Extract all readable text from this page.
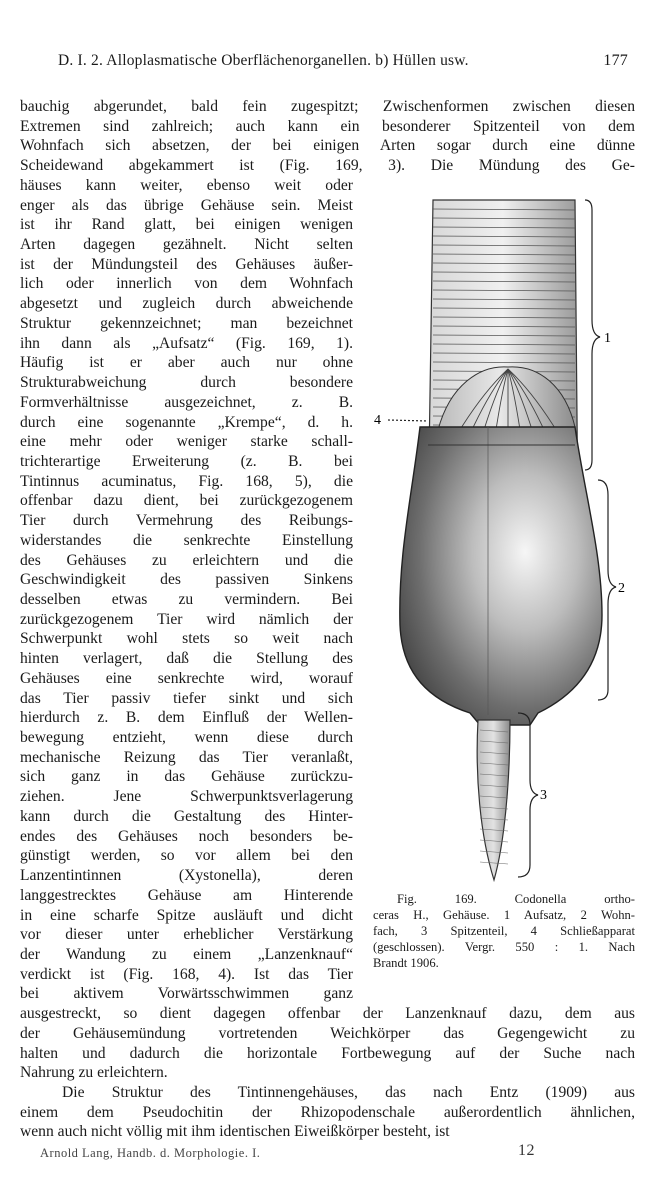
D. I. 2. Alloplasmatische Oberflächenorganellen. b) Hüllen usw.	177
bauchig abgerundet, bald fein zugespitzt; Zwischenformen zwischen diesen
Extremen sind zahlreich; auch kann ein besonderer Spitzenteil von dem
Wohnfach sich absetzen, der bei einigen Arten sogar durch eine dünne
Scheidewand abgekammert ist (Fig. 169, 3). Die Mündung des Ge-
häuses kann weiter, ebenso weit oder
enger als das übrige Gehäuse sein. Meist
ist ihr Rand glatt, bei einigen wenigen
Arten dagegen gezähnelt. Nicht selten
ist der Mündungsteil des Gehäuses äußer-
lich oder innerlich von dem Wohnfach
abgesetzt und zugleich durch abweichende
Struktur gekennzeichnet; man bezeichnet
ihn dann als „Aufsatz“ (Fig. 169, 1).
Häufig ist er aber auch nur ohne
Strukturabweichung durch besondere
Formverhältnisse ausgezeichnet, z. B.
durch eine sogenannte „Krempe“, d. h.
eine mehr oder weniger starke schall-
trichterartige Erweiterung (z. B. bei
Tintinnus acuminatus, Fig. 168, 5), die
offenbar dazu dient, bei zurückgezogenem
Tier durch Vermehrung des Reibungs-
widerstandes die senkrechte Einstellung
des Gehäuses zu erleichtern und die
Geschwindigkeit des passiven Sinkens
desselben etwas zu vermindern. Bei
zurückgezogenem Tier wird nämlich der
Schwerpunkt wohl stets so weit nach
hinten verlagert, daß die Stellung des
Gehäuses eine senkrechte wird, worauf
das Tier passiv tiefer sinkt und sich
hierdurch z. B. dem Einfluß der Wellen-
bewegung entzieht, wenn diese durch
mechanische Reizung das Tier veranlaßt,
sich ganz in das Gehäuse zurückzu-
ziehen. Jene Schwerpunktsverlagerung
kann durch die Gestaltung des Hinter-
endes des Gehäuses noch besonders be-
günstigt werden, so vor allem bei den
Lanzentintinnen (Xystonella), deren
langgestrecktes Gehäuse am Hinterende
in eine scharfe Spitze ausläuft und dicht
vor dieser unter erheblicher Verstärkung
der Wandung zu einem „Lanzenknauf“
verdickt ist (Fig. 168, 4). Ist das Tier
bei aktivem Vorwärtsschwimmen ganz
ausgestreckt, so dient dagegen offenbar der Lanzenknauf dazu, dem aus
der Gehäusemündung vortretenden Weichkörper das Gegengewicht zu
halten und dadurch die horizontale Fortbewegung auf der Suche nach
Nahrung zu erleichtern.
Die Struktur des Tintinnengehäuses, das nach Entz (1909) aus
einem dem Pseudochitin der Rhizopodenschale außerordentlich ähnlichen,
wenn auch nicht völlig mit ihm identischen Eiweißkörper besteht, ist
1
2
3
4
Fig. 169. Codonella ortho-
ceras H., Gehäuse. 1 Aufsatz, 2 Wohn-
fach, 3 Spitzenteil, 4 Schließapparat
(geschlossen). Vergr. 550 : 1. Nach
Brandt 1906.
Arnold Lang, Handb. d. Morphologie. I.	12
